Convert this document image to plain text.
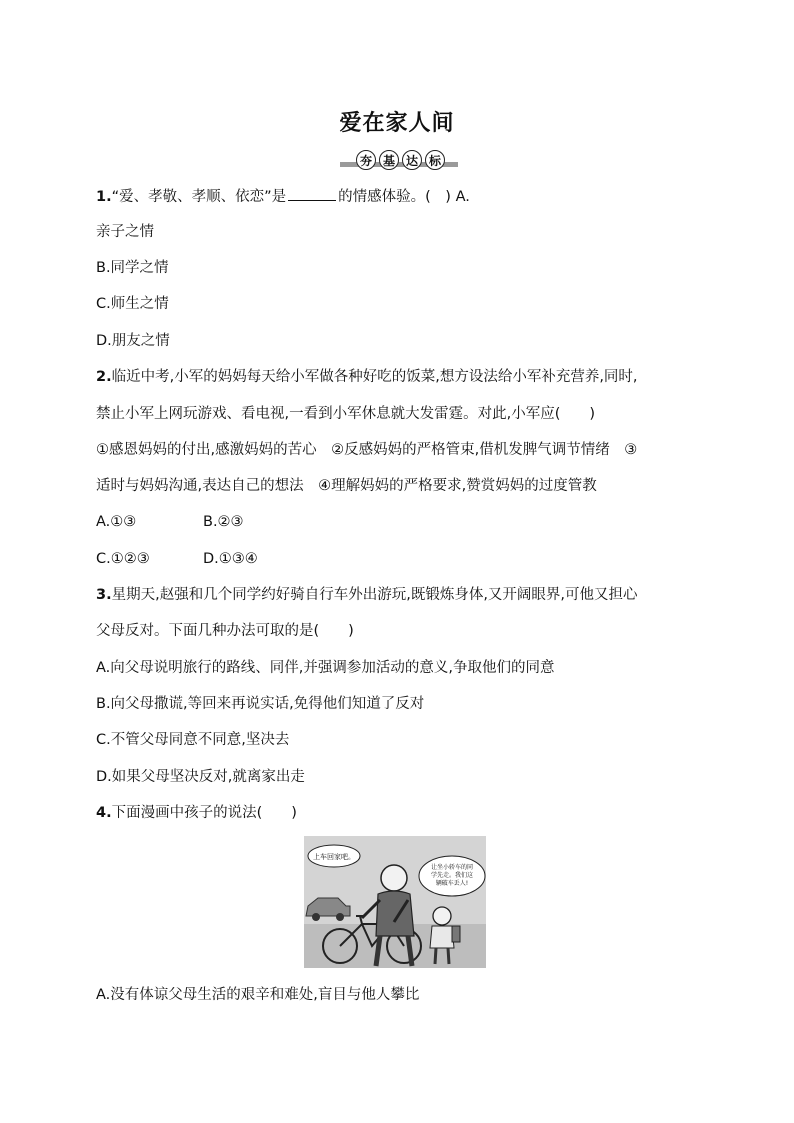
爱在家人间
夯 基 达 标
1.“爱、孝敬、孝顺、依恋”是	的情感体验。(　) A.
亲子之情
B.同学之情
C.师生之情
D.朋友之情
2.临近中考,小军的妈妈每天给小军做各种好吃的饭菜,想方设法给小军补充营养,同时,
禁止小军上网玩游戏、看电视,一看到小军休息就大发雷霆。对此,小军应(　　)
①感恩妈妈的付出,感激妈妈的苦心　②反感妈妈的严格管束,借机发脾气调节情绪　③
适时与妈妈沟通,表达自己的想法　④理解妈妈的严格要求,赞赏妈妈的过度管教
A.①③	B.②③
C.①②③	D.①③④
3.星期天,赵强和几个同学约好骑自行车外出游玩,既锻炼身体,又开阔眼界,可他又担心
父母反对。下面几种办法可取的是(　　)
A.向父母说明旅行的路线、同伴,并强调参加活动的意义,争取他们的同意
B.向父母撒谎,等回来再说实话,免得他们知道了反对
C.不管父母同意不同意,坚决去
D.如果父母坚决反对,就离家出走
4.下面漫画中孩子的说法(　　)
上车回家吧。
让坐小轿车的同
学先走。我们这
辆破车丢人!
A.没有体谅父母生活的艰辛和难处,盲目与他人攀比
